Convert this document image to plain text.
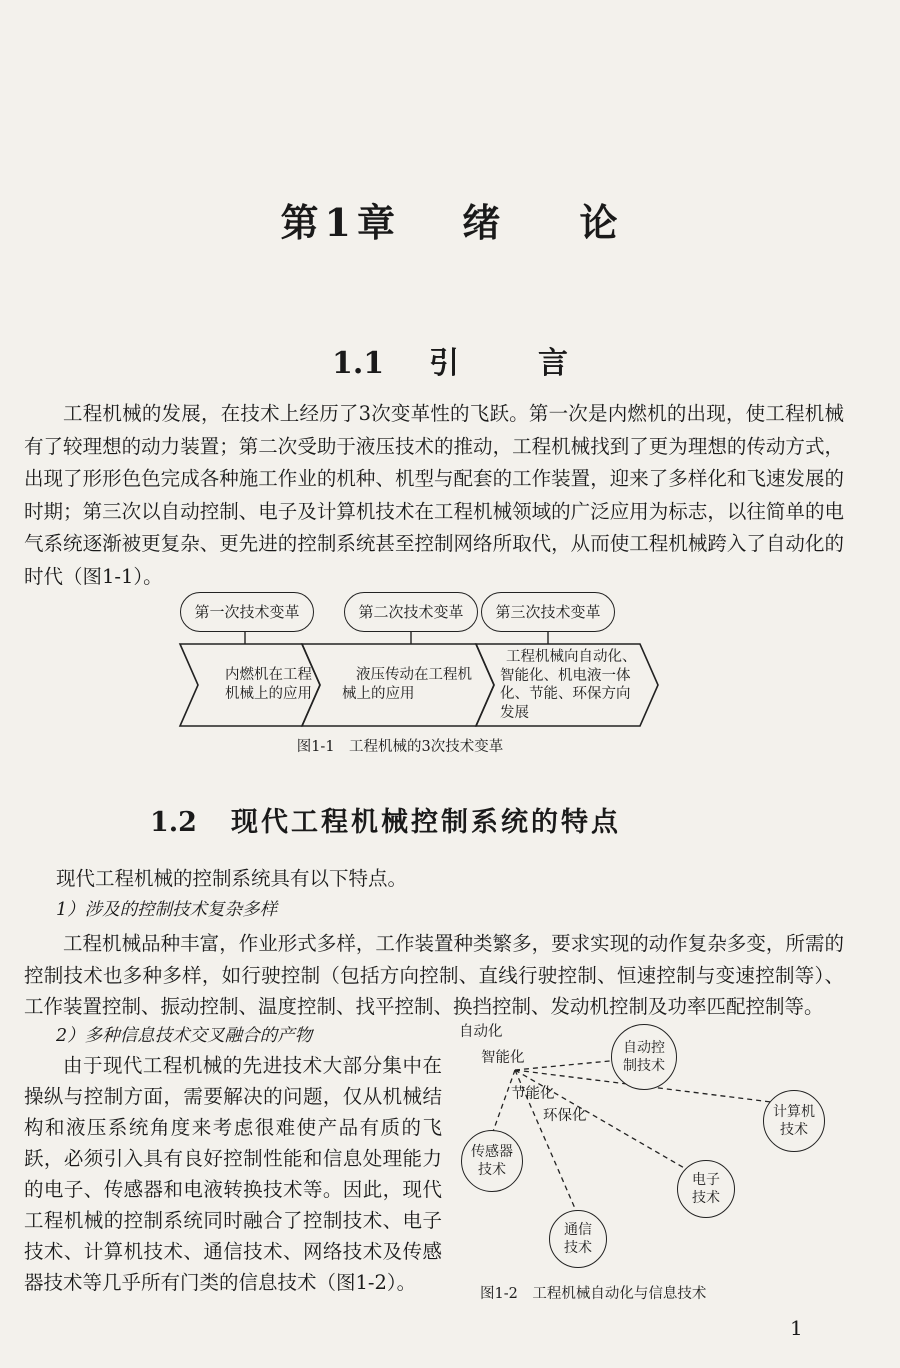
第 1 章 绪 论
1.1 引	言

工程机械的发展，在技术上经历了3次变革性的飞跃。第一次是内燃机的出现，使工程机械有了较理想的动力装置；第二次受助于液压技术的推动，工程机械找到了更为理想的传动方式，出现了形形色色完成各种施工作业的机种、机型与配套的工作装置，迎来了多样化和飞速发展的时期；第三次以自动控制、电子及计算机技术在工程机械领域的广泛应用为标志，以往简单的电气系统逐渐被更复杂、更先进的控制系统甚至控制网络所取代，从而使工程机械跨入了自动化的时代（图1-1）。

第一次技术变革	第二次技术变革	第三次技术变革
内燃机在工程
机械上的应用
液压传动在工程机
械上的应用
工程机械向自动化、
智能化、机电液一体
化、节能、环保方向
发展
图1-1　工程机械的3次技术变革
1.2 现代工程机械控制系统的特点
现代工程机械的控制系统具有以下特点。
1）涉及的控制技术复杂多样

工程机械品种丰富，作业形式多样，工作装置种类繁多，要求实现的动作复杂多变，所需的控制技术也多种多样，如行驶控制（包括方向控制、直线行驶控制、恒速控制与变速控制等）、工作装置控制、振动控制、温度控制、找平控制、换挡控制、发动机控制及功率匹配控制等。

2）多种信息技术交叉融合的产物

由于现代工程机械的先进技术大部分集中在操纵与控制方面，需要解决的问题，仅从机械结构和液压系统角度来考虑很难使产品有质的飞跃，必须引入具有良好控制性能和信息处理能力的电子、传感器和电液转换技术等。因此，现代工程机械的控制系统同时融合了控制技术、电子技术、计算机技术、通信技术、网络技术及传感器技术等几乎所有门类的信息技术（图1-2）。

自动化
智能化
节能化
环保化
自动控
制技术
计算机
技术
传感器
技术
电子
技术
通信
技术
图1-2　工程机械自动化与信息技术
1
